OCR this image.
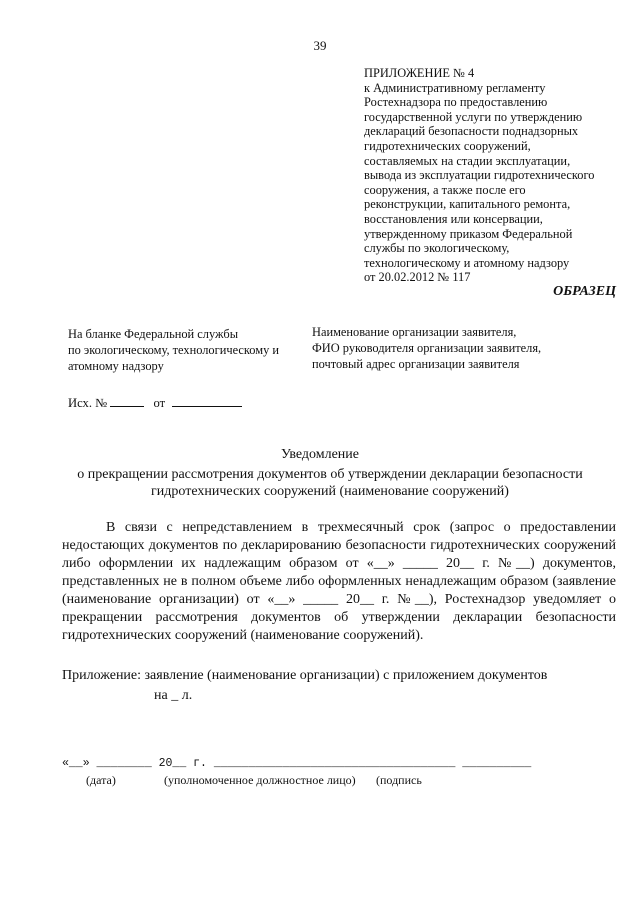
39
ПРИЛОЖЕНИЕ № 4
к Административному регламенту
Ростехнадзора по предоставлению
государственной услуги по утверждению
деклараций безопасности поднадзорных
гидротехнических сооружений,
составляемых на стадии эксплуатации,
вывода из эксплуатации гидротехнического
сооружения, а также после его
реконструкции, капитального ремонта,
восстановления или консервации,
утвержденному приказом Федеральной
службы по экологическому,
технологическому и атомному надзору
от 20.02.2012 № 117
ОБРАЗЕЦ
На бланке Федеральной службы
по экологическому, технологическому и
атомному надзору
Наименование организации заявителя,
ФИО руководителя организации заявителя,
почтовый адрес организации заявителя
Исх. №	от
Уведомление
о прекращении рассмотрения документов об утверждении декларации безопасности гидротехнических сооружений (наименование сооружений)

В связи с непредставлением в трехмесячный срок (запрос о предоставлении недостающих документов по декларированию безопасности гидротехнических сооружений либо оформлении их надлежащим образом от «__» _____ 20__ г. №__) документов, представленных не в полном объеме либо оформленных ненадлежащим образом (заявление (наименование организации) от «__» _____ 20__ г. №__), Ростехнадзор уведомляет о прекращении рассмотрения документов об утверждении декларации безопасности гидротехнических сооружений (наименование сооружений).

Приложение: заявление (наименование организации) с приложением документов
на _ л.
«__» ________ 20__ г. ___________________________________ __________
(дата)	(уполномоченное должностное лицо) (подпись
